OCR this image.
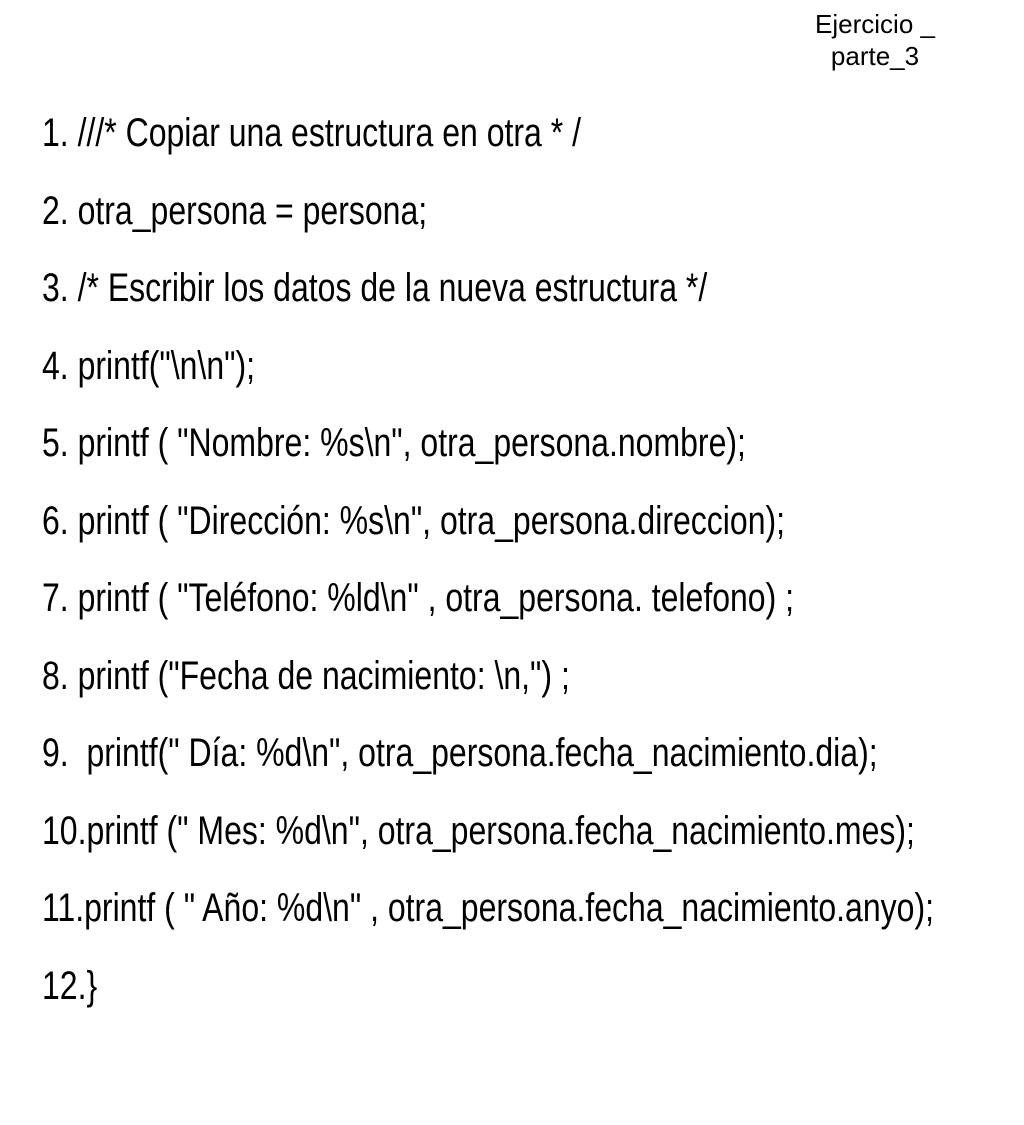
Ejercicio _
parte_3
1. ///* Copiar una estructura en otra * /
2. otra_persona = persona;
3. /* Escribir los datos de la nueva estructura */
4. printf("\n\n");
5. printf ( "Nombre: %s\n", otra_persona.nombre);
6. printf ( "Dirección: %s\n", otra_persona.direccion);
7. printf ( "Teléfono: %ld\n" , otra_persona. telefono) ;
8. printf ("Fecha de nacimiento: \n,") ;
9.  printf(" Día: %d\n", otra_persona.fecha_nacimiento.dia);
10.printf (" Mes: %d\n", otra_persona.fecha_nacimiento.mes);
11.printf ( " Año: %d\n" , otra_persona.fecha_nacimiento.anyo);
12.}
